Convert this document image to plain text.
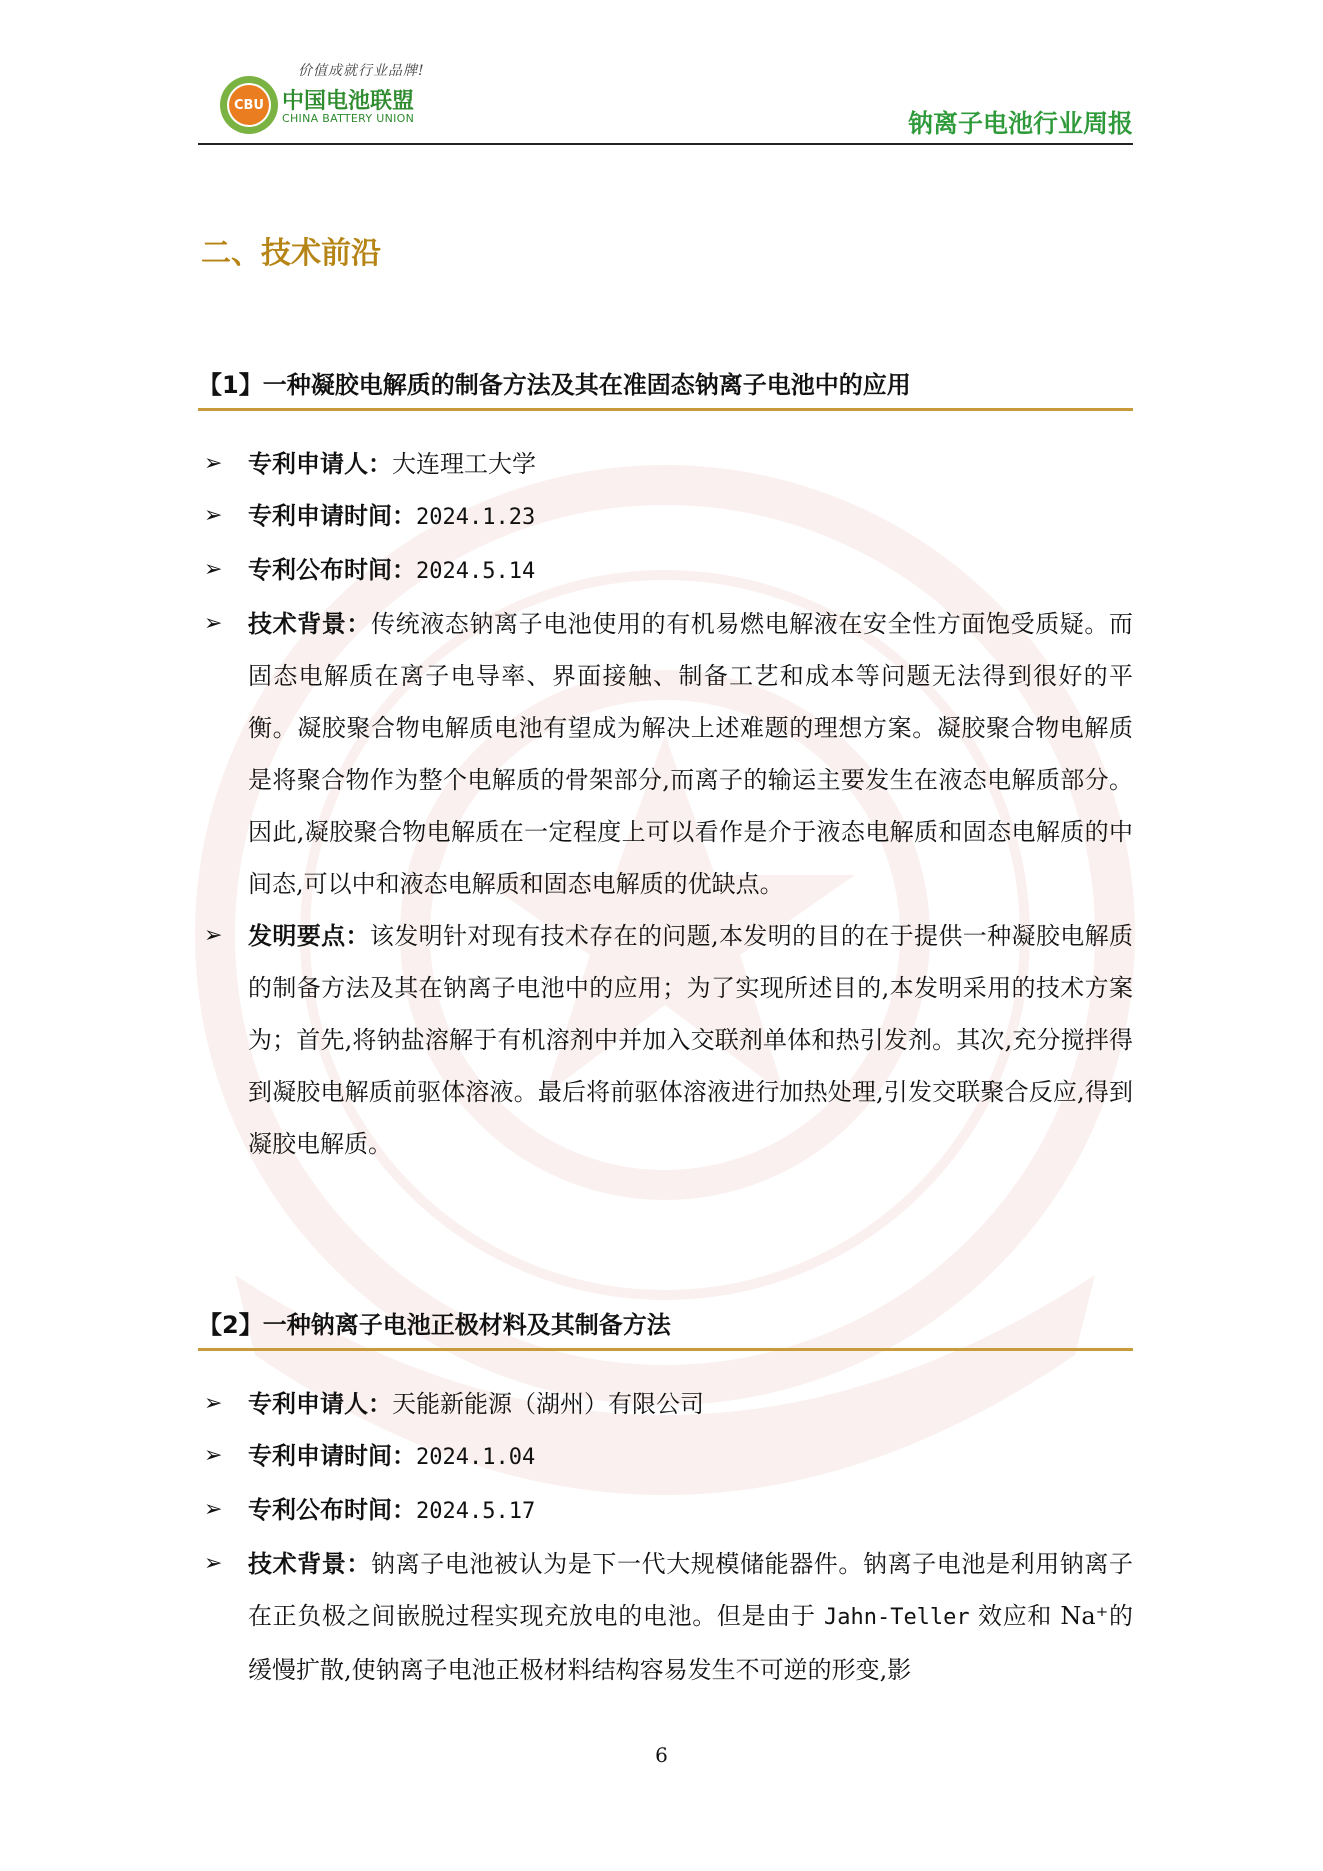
CBU
价值成就行业品牌!
中国电池联盟
CHINA BATTERY UNION	钠离子电池行业周报
二、技术前沿
【1】一种凝胶电解质的制备方法及其在准固态钠离子电池中的应用
➢ 专利申请人：大连理工大学
➢ 专利申请时间：2024.1.23
➢ 专利公布时间：2024.5.14
➢ 技术背景：传统液态钠离子电池使用的有机易燃电解液在安全性方面饱受质疑。而固态电解质在离子电导率、界面接触、制备工艺和成本等问题无法得到很好的平衡。凝胶聚合物电解质电池有望成为解决上述难题的理想方案。凝胶聚合物电解质是将聚合物作为整个电解质的骨架部分,而离子的输运主要发生在液态电解质部分。因此,凝胶聚合物电解质在一定程度上可以看作是介于液态电解质和固态电解质的中间态,可以中和液态电解质和固态电解质的优缺点。
➢ 发明要点：该发明针对现有技术存在的问题,本发明的目的在于提供一种凝胶电解质的制备方法及其在钠离子电池中的应用；为了实现所述目的,本发明采用的技术方案为；首先,将钠盐溶解于有机溶剂中并加入交联剂单体和热引发剂。其次,充分搅拌得到凝胶电解质前驱体溶液。最后将前驱体溶液进行加热处理,引发交联聚合反应,得到凝胶电解质。
【2】一种钠离子电池正极材料及其制备方法
➢ 专利申请人：天能新能源（湖州）有限公司
➢ 专利申请时间：2024.1.04
➢ 专利公布时间：2024.5.17
➢ 技术背景：钠离子电池被认为是下一代大规模储能器件。钠离子电池是利用钠离子在正负极之间嵌脱过程实现充放电的电池。但是由于 Jahn-Teller 效应和 Na⁺的缓慢扩散,使钠离子电池正极材料结构容易发生不可逆的形变,影
6
